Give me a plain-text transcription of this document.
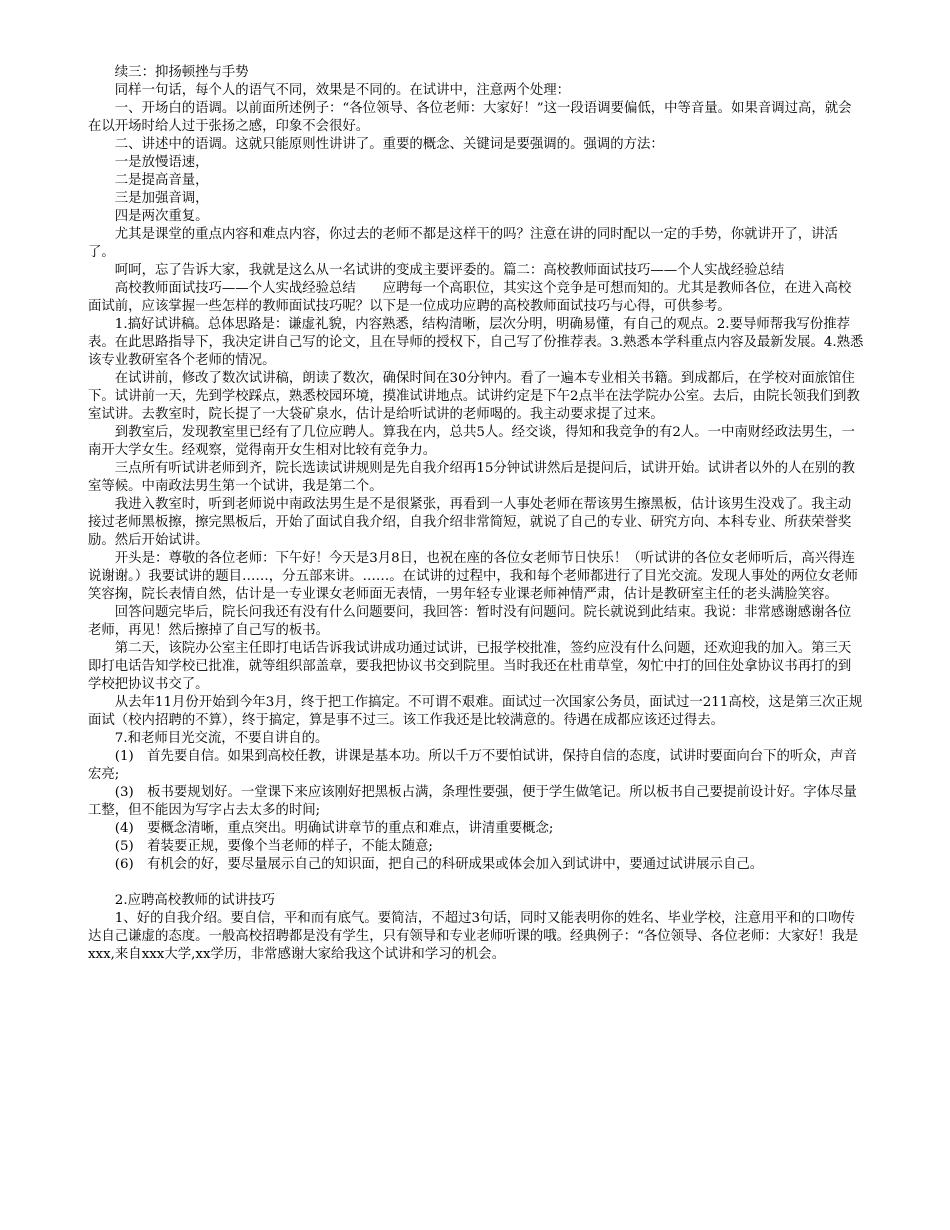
续三：抑扬顿挫与手势

同样一句话，每个人的语气不同，效果是不同的。在试讲中，注意两个处理：

一、开场白的语调。以前面所述例子：“各位领导、各位老师：大家好！”这一段语调要偏低，中等音量。如果音调过高，就会在以开场时给人过于张扬之感，印象不会很好。

二、讲述中的语调。这就只能原则性讲讲了。重要的概念、关键词是要强调的。强调的方法：

一是放慢语速，

二是提高音量，

三是加强音调，

四是两次重复。

尤其是课堂的重点内容和难点内容，你过去的老师不都是这样干的吗？注意在讲的同时配以一定的手势，你就讲开了，讲活了。

呵呵，忘了告诉大家，我就是这么从一名试讲的变成主要评委的。篇二：高校教师面试技巧——个人实战经验总结

高校教师面试技巧——个人实战经验总结　　应聘每一个高职位，其实这个竞争是可想而知的。尤其是教师各位，在进入高校面试前，应该掌握一些怎样的教师面试技巧呢？以下是一位成功应聘的高校教师面试技巧与心得，可供参考。

1.搞好试讲稿。总体思路是：谦虚礼貌，内容熟悉，结构清晰，层次分明，明确易懂，有自己的观点。2.要导师帮我写份推荐表。在此思路指导下，我决定讲自己写的论文，且在导师的授权下，自己写了份推荐表。3.熟悉本学科重点内容及最新发展。4.熟悉该专业教研室各个老师的情况。

在试讲前，修改了数次试讲稿，朗读了数次，确保时间在30分钟内。看了一遍本专业相关书籍。到成都后，在学校对面旅馆住下。试讲前一天，先到学校踩点，熟悉校园环境，摸准试讲地点。试讲约定是下午2点半在法学院办公室。去后，由院长领我们到教室试讲。去教室时，院长提了一大袋矿泉水，估计是给听试讲的老师喝的。我主动要求提了过来。

到教室后，发现教室里已经有了几位应聘人。算我在内，总共5人。经交谈，得知和我竞争的有2人。一中南财经政法男生，一南开大学女生。经观察，觉得南开女生相对比较有竞争力。

三点所有听试讲老师到齐，院长选读试讲规则是先自我介绍再15分钟试讲然后是提问后，试讲开始。试讲者以外的人在别的教室等候。中南政法男生第一个试讲，我是第二个。

我进入教室时，听到老师说中南政法男生是不是很紧张，再看到一人事处老师在帮该男生擦黑板，估计该男生没戏了。我主动接过老师黑板擦，擦完黑板后，开始了面试自我介绍，自我介绍非常简短，就说了自己的专业、研究方向、本科专业、所获荣誉奖励。然后开始试讲。

开头是：尊敬的各位老师：下午好！今天是3月8日，也祝在座的各位女老师节日快乐！（听试讲的各位女老师听后，高兴得连说谢谢。）我要试讲的题目……，分五部来讲。……。在试讲的过程中，我和每个老师都进行了目光交流。发现人事处的两位女老师笑容掬，院长表情自然，估计是一专业课女老师面无表情，一男年轻专业课老师神情严肃，估计是教研室主任的老头满脸笑容。

回答问题完毕后，院长问我还有没有什么问题要问，我回答：暂时没有问题问。院长就说到此结束。我说：非常感谢感谢各位老师，再见！然后擦掉了自己写的板书。

第二天，该院办公室主任即打电话告诉我试讲成功通过试讲，已报学校批准，签约应没有什么问题，还欢迎我的加入。第三天即打电话告知学校已批准，就等组织部盖章，要我把协议书交到院里。当时我还在杜甫草堂，匆忙中打的回住处拿协议书再打的到学校把协议书交了。

从去年11月份开始到今年3月，终于把工作搞定。不可谓不艰难。面试过一次国家公务员，面试过一211高校，这是第三次正规面试（校内招聘的不算），终于搞定，算是事不过三。该工作我还是比较满意的。待遇在成都应该还过得去。

7.和老师目光交流，不要自讲自的。

(1)　首先要自信。如果到高校任教，讲课是基本功。所以千万不要怕试讲，保持自信的态度，试讲时要面向台下的听众，声音宏亮;

(3)　板书要规划好。一堂课下来应该刚好把黑板占满，条理性要强，便于学生做笔记。所以板书自己要提前设计好。字体尽量工整，但不能因为写字占去太多的时间;

(4)　要概念清晰，重点突出。明确试讲章节的重点和难点，讲清重要概念;

(5)　着装要正规，要像个当老师的样子，不能太随意;

(6)　有机会的好，要尽量展示自己的知识面，把自己的科研成果或体会加入到试讲中，要通过试讲展示自己。

2.应聘高校教师的试讲技巧

1、好的自我介绍。要自信，平和而有底气。要简洁，不超过3句话，同时又能表明你的姓名、毕业学校，注意用平和的口吻传达自己谦虚的态度。一般高校招聘都是没有学生，只有领导和专业老师听课的哦。经典例子：“各位领导、各位老师：大家好！我是xxx,来自xxx大学,xx学历，非常感谢大家给我这个试讲和学习的机会。
